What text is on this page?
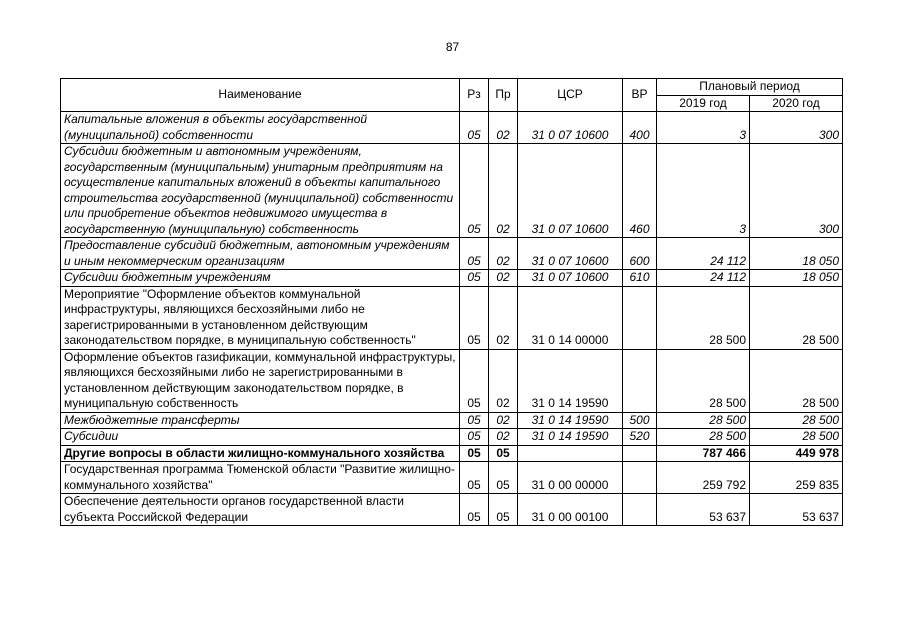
87
Наименование	Рз	Пр	ЦСР	ВР	Плановый период	
					2019 год	2020 год
Капитальные вложения в объекты государственной (муниципальной) собственности	05	02	31 0 07 10600	400	3	300
Субсидии бюджетным и автономным учреждениям, государственным (муниципальным) унитарным предприятиям на осуществление капитальных вложений в объекты капитального строительства государственной (муниципальной) собственности или приобретение объектов недвижимого имущества в государственную (муниципальную) собственность	05	02	31 0 07 10600	460	3	300
Предоставление субсидий бюджетным, автономным учреждениям и иным некоммерческим организациям	05	02	31 0 07 10600	600	24 112	18 050
Субсидии бюджетным учреждениям	05	02	31 0 07 10600	610	24 112	18 050
Мероприятие "Оформление объектов коммунальной инфраструктуры, являющихся бесхозяйными либо не зарегистрированными в установленном действующим законодательством порядке, в муниципальную собственность"	05	02	31 0 14 00000		28 500	28 500
Оформление объектов газификации, коммунальной инфраструктуры, являющихся бесхозяйными либо не зарегистрированными в установленном действующим законодательством порядке, в муниципальную собственность	05	02	31 0 14 19590		28 500	28 500
Межбюджетные трансферты	05	02	31 0 14 19590	500	28 500	28 500
Субсидии	05	02	31 0 14 19590	520	28 500	28 500
Другие вопросы в области жилищно-коммунального хозяйства	05	05			787 466	449 978
Государственная программа Тюменской области "Развитие жилищно-коммунального хозяйства"	05	05	31 0 00 00000		259 792	259 835
Обеспечение деятельности органов государственной власти субъекта Российской Федерации	05	05	31 0 00 00100		53 637	53 637
